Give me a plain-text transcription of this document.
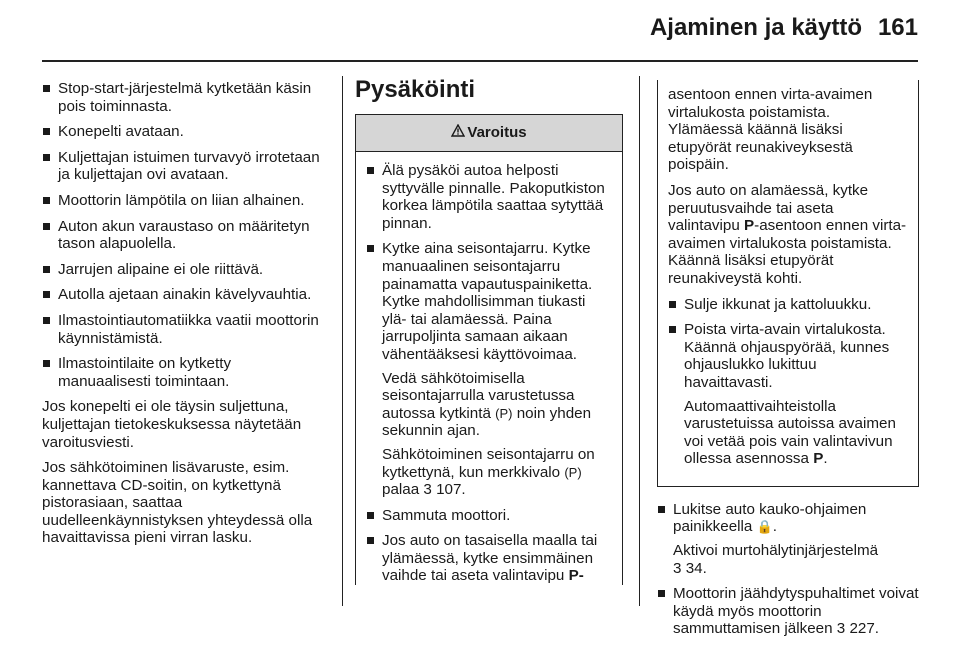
Ajaminen ja käyttö 161
Stop-start-järjestelmä kytketään käsin pois toiminnasta.
Konepelti avataan.
Kuljettajan istuimen turvavyö irrotetaan ja kuljettajan ovi avataan.
Moottorin lämpötila on liian alhainen.
Auton akun varaustaso on määritetyn tason alapuolella.
Jarrujen alipaine ei ole riittävä.
Autolla ajetaan ainakin kävelyvauhtia.
Ilmastointiautomatiikka vaatii moottorin käynnistämistä.
Ilmastointilaite on kytketty manuaalisesti toimintaan.
Jos konepelti ei ole täysin suljettuna, kuljettajan tietokeskuksessa näytetään varoitusviesti.
Jos sähkötoiminen lisävaruste, esim. kannettava CD-soitin, on kytkettynä pistorasiaan, saattaa uudelleenkäynnistyksen yhteydessä olla havaittavissa pieni virran lasku.
Pysäköinti
Varoitus
Älä pysäköi autoa helposti syttyvälle pinnalle. Pakoputkiston korkea lämpötila saattaa sytyttää pinnan.
Kytke aina seisontajarru. Kytke manuaalinen seisontajarru painamatta vapautuspainiketta. Kytke mahdollisimman tiukasti ylä- tai alamäessä. Paina jarrupoljinta samaan aikaan vähentääksesi käyttövoimaa.
Vedä sähkötoimisella seisontajarrulla varustetussa autossa kytkintä (P) noin yhden sekunnin ajan.
Sähkötoiminen seisontajarru on kytkettynä, kun merkkivalo (P) palaa 3 107.
Sammuta moottori.
Jos auto on tasaisella maalla tai ylämäessä, kytke ensimmäinen vaihde tai aseta valintavipu P-
asentoon ennen virta-avaimen virtalukosta poistamista. Ylämäessä käännä lisäksi etupyörät reunakiveyksestä poispäin.
Jos auto on alamäessä, kytke peruutusvaihde tai aseta valintavipu P-asentoon ennen virta-avaimen virtalukosta poistamista. Käännä lisäksi etupyörät reunakiveystä kohti.
Sulje ikkunat ja kattoluukku.
Poista virta-avain virtalukosta. Käännä ohjauspyörää, kunnes ohjauslukko lukittuu havaittavasti.
Automaattivaihteistolla varustetuissa autoissa avaimen voi vetää pois vain valintavivun ollessa asennossa P.
Lukitse auto kauko-ohjaimen painikkeella 🔒.
Aktivoi murtohälytinjärjestelmä
3 34.
Moottorin jäähdytyspuhaltimet voivat käydä myös moottorin sammuttamisen jälkeen 3 227.
